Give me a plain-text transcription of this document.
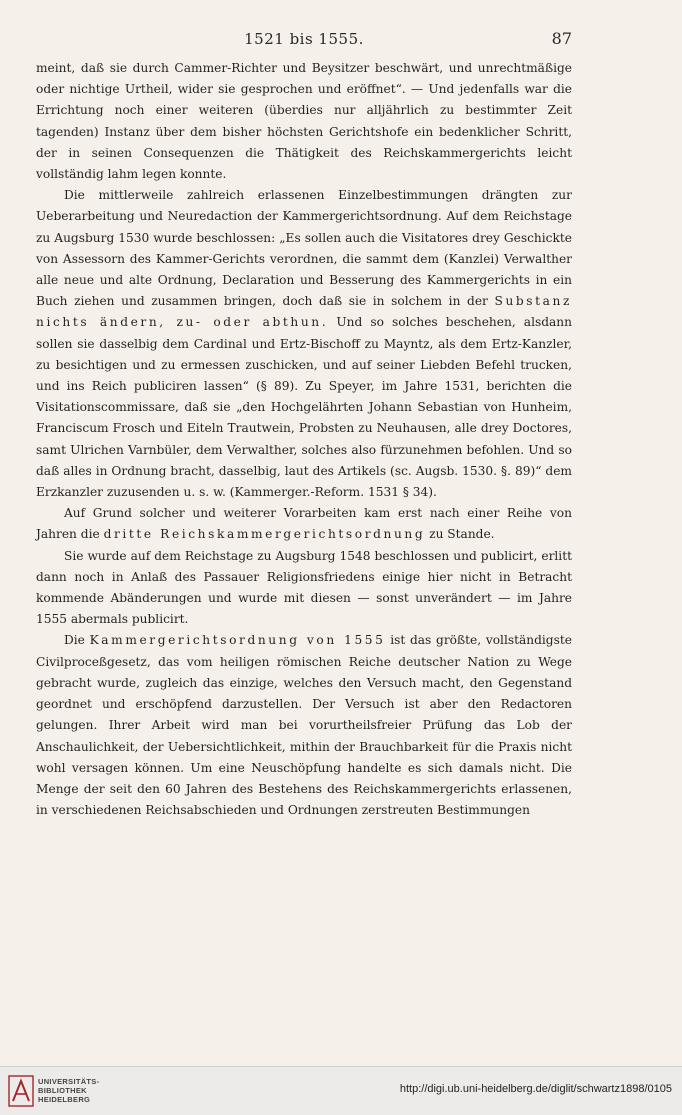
1521 bis 1555.	87

meint, daß sie durch Cammer-Richter und Beysitzer beschwärt, und unrechtmäßige oder nichtige Urtheil, wider sie gesprochen und eröffnet“. — Und jedenfalls war die Errichtung noch einer weiteren (überdies nur alljährlich zu bestimmter Zeit tagenden) Instanz über dem bisher höchsten Gerichtshofe ein bedenklicher Schritt, der in seinen Consequenzen die Thätigkeit des Reichskammergerichts leicht vollständig lahm legen konnte.

Die mittlerweile zahlreich erlassenen Einzelbestimmungen drängten zur Ueberarbeitung und Neuredaction der Kammergerichtsordnung. Auf dem Reichstage zu Augsburg 1530 wurde beschlossen: „Es sollen auch die Visitatores drey Geschickte von Assessorn des Kammer-Gerichts verordnen, die sammt dem (Kanzlei) Verwalther alle neue und alte Ordnung, Declaration und Besserung des Kammergerichts in ein Buch ziehen und zusammen bringen, doch daß sie in solchem in der Substanz nichts ändern, zu- oder abthun. Und so solches beschehen, alsdann sollen sie dasselbig dem Cardinal und Ertz-Bischoff zu Mayntz, als dem Ertz-Kanzler, zu besichtigen und zu ermessen zuschicken, und auf seiner Liebden Befehl trucken, und ins Reich publiciren lassen“ (§ 89). Zu Speyer, im Jahre 1531, berichten die Visitationscommissare, daß sie „den Hochgelährten Johann Sebastian von Hunheim, Franciscum Frosch und Eiteln Trautwein, Probsten zu Neuhausen, alle drey Doctores, samt Ulrichen Varnbüler, dem Verwalther, solches also fürzunehmen befohlen. Und so daß alles in Ordnung bracht, dasselbig, laut des Artikels (sc. Augsb. 1530. §. 89)“ dem Erzkanzler zuzusenden u. s. w. (Kammerger.-Reform. 1531 § 34).

Auf Grund solcher und weiterer Vorarbeiten kam erst nach einer Reihe von Jahren die dritte Reichskammergerichtsordnung zu Stande.

Sie wurde auf dem Reichstage zu Augsburg 1548 beschlossen und publicirt, erlitt dann noch in Anlaß des Passauer Religionsfriedens einige hier nicht in Betracht kommende Abänderungen und wurde mit diesen — sonst unverändert — im Jahre 1555 abermals publicirt.

Die Kammergerichtsordnung von 1555 ist das größte, vollständigste Civilproceßgesetz, das vom heiligen römischen Reiche deutscher Nation zu Wege gebracht wurde, zugleich das einzige, welches den Versuch macht, den Gegenstand geordnet und erschöpfend darzustellen. Der Versuch ist aber den Redactoren gelungen. Ihrer Arbeit wird man bei vorurtheilsfreier Prüfung das Lob der Anschaulichkeit, der Uebersichtlichkeit, mithin der Brauchbarkeit für die Praxis nicht wohl versagen können. Um eine Neuschöpfung handelte es sich damals nicht. Die Menge der seit den 60 Jahren des Bestehens des Reichskammergerichts erlassenen, in verschiedenen Reichsabschieden und Ordnungen zerstreuten Bestimmungen

UNIVERSITÄTS-
BIBLIOTHEK
HEIDELBERG
http://digi.ub.uni-heidelberg.de/diglit/schwartz1898/0105
